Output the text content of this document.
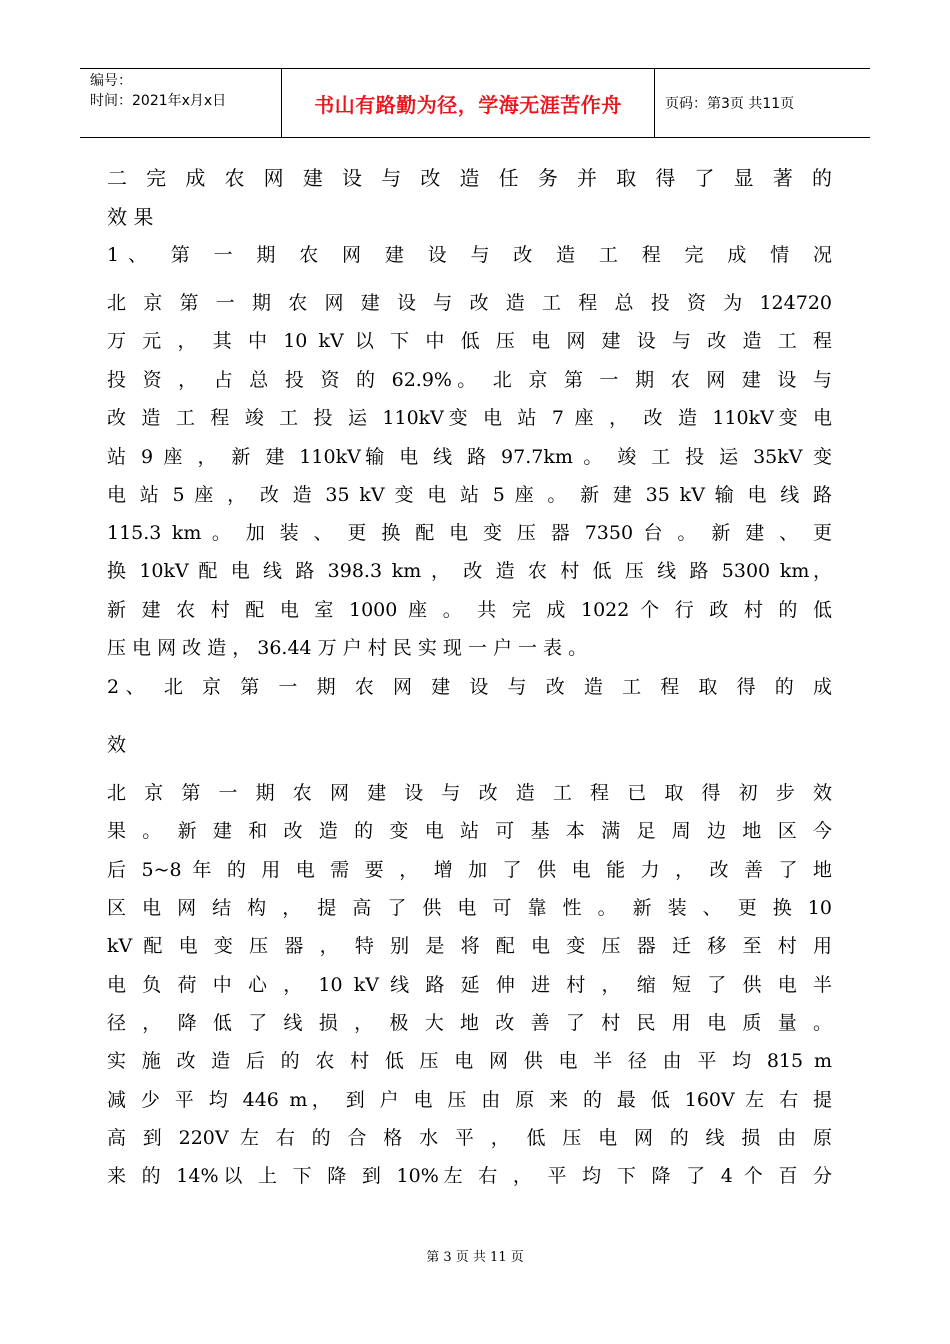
编号：
时间：2021年x月x日	书山有路勤为径，学海无涯苦作舟	页码：第3页 共11页
二 完 成 农 网 建 设 与 改 造 任 务 并 取 得 了 显 著 的
效 果
1、 第 一 期 农 网 建 设 与 改 造 工 程 完 成 情 况
北 京 第 一 期 农 网 建 设 与 改 造 工 程 总 投 资 为 124720
万 元 ， 其 中 10 kV 以 下 中 低 压 电 网 建 设 与 改 造 工 程
投 资 ， 占 总 投 资 的 62.9%。 北 京 第 一 期 农 网 建 设 与
改 造 工 程 竣 工 投 运 110kV变 电 站 7 座 ， 改 造 110kV变 电
站 9 座 ， 新 建 110kV输 电 线 路 97.7km 。 竣 工 投 运 35kV 变
电 站 5 座 ， 改 造 35 kV 变 电 站 5 座 。 新 建 35 kV 输 电 线 路
115.3 km 。 加 装 、 更 换 配 电 变 压 器 7350 台 。 新 建 、 更
换 10kV 配 电 线 路 398.3 km ， 改 造 农 村 低 压 线 路 5300 km，
新 建 农 村 配 电 室 1000 座 。 共 完 成 1022 个 行 政 村 的 低
压 电 网 改 造 ， 36.44 万 户 村 民 实 现 一 户 一 表 。
2、 北 京 第 一 期 农 网 建 设 与 改 造 工 程 取 得 的 成
效
北 京 第 一 期 农 网 建 设 与 改 造 工 程 已 取 得 初 步 效
果 。 新 建 和 改 造 的 变 电 站 可 基 本 满 足 周 边 地 区 今
后 5~8 年 的 用 电 需 要 ， 增 加 了 供 电 能 力 ， 改 善 了 地
区 电 网 结 构 ， 提 高 了 供 电 可 靠 性 。 新 装 、 更 换 10
kV 配 电 变 压 器 ， 特 别 是 将 配 电 变 压 器 迁 移 至 村 用
电 负 荷 中 心 ， 10 kV 线 路 延 伸 进 村 ， 缩 短 了 供 电 半
径 ， 降 低 了 线 损 ， 极 大 地 改 善 了 村 民 用 电 质 量 。
实 施 改 造 后 的 农 村 低 压 电 网 供 电 半 径 由 平 均 815 m
减 少 平 均 446 m， 到 户 电 压 由 原 来 的 最 低 160V 左 右 提
高 到 220V 左 右 的 合 格 水 平 ， 低 压 电 网 的 线 损 由 原
来 的 14%以 上 下 降 到 10%左 右 ， 平 均 下 降 了 4 个 百 分
第 3 页 共 11 页
